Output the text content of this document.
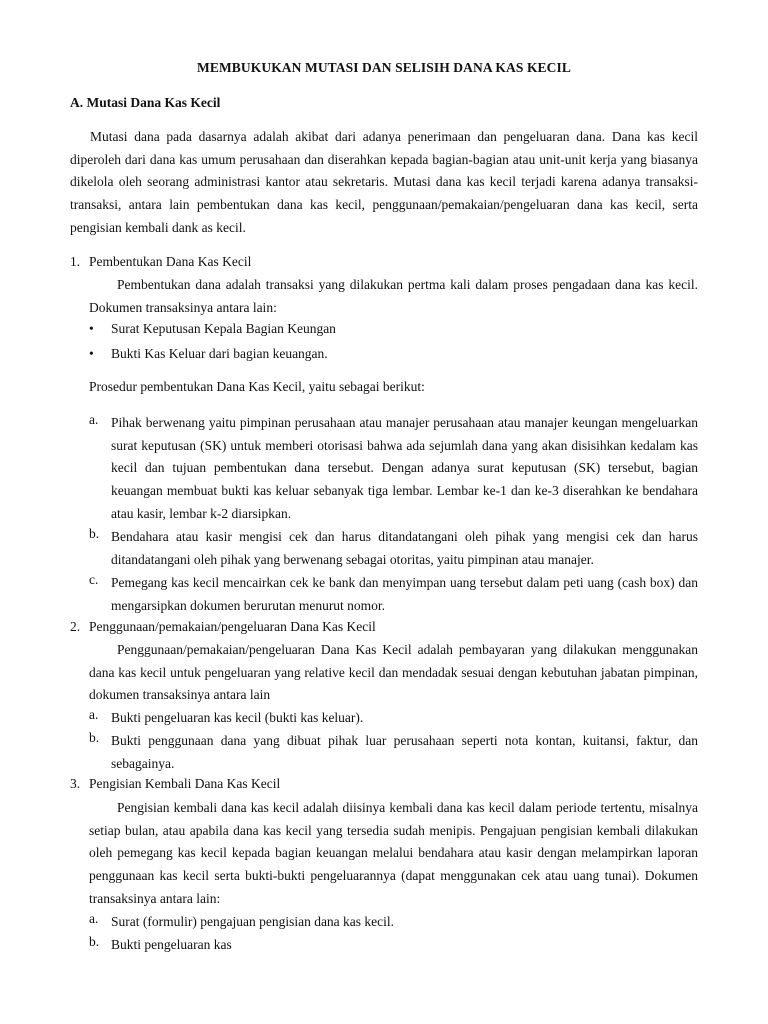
MEMBUKUKAN MUTASI DAN SELISIH DANA KAS KECIL
A. Mutasi Dana Kas Kecil

Mutasi dana pada dasarnya adalah akibat dari adanya penerimaan dan pengeluaran dana. Dana kas kecil diperoleh dari dana kas umum perusahaan dan diserahkan kepada bagian-bagian atau unit-unit kerja yang biasanya dikelola oleh seorang administrasi kantor atau sekretaris. Mutasi dana kas kecil terjadi karena adanya transaksi-transaksi, antara lain pembentukan dana kas kecil, penggunaan/pemakaian/pengeluaran dana kas kecil, serta pengisian kembali dank as kecil.

1. Pembentukan Dana Kas Kecil

Pembentukan dana adalah transaksi yang dilakukan pertma kali dalam proses pengadaan dana kas kecil. Dokumen transaksinya antara lain:

• Surat Keputusan Kepala Bagian Keungan
• Bukti Kas Keluar dari bagian keuangan.
Prosedur pembentukan Dana Kas Kecil, yaitu sebagai berikut:
a. Pihak berwenang yaitu pimpinan perusahaan atau manajer perusahaan atau manajer keungan mengeluarkan surat keputusan (SK) untuk memberi otorisasi bahwa ada sejumlah dana yang akan disisihkan kedalam kas kecil dan tujuan pembentukan dana tersebut. Dengan adanya surat keputusan (SK) tersebut, bagian keuangan membuat bukti kas keluar sebanyak tiga lembar. Lembar ke-1 dan ke-3 diserahkan ke bendahara atau kasir, lembar k-2 diarsipkan.

b. Bendahara atau kasir mengisi cek dan harus ditandatangani oleh pihak yang mengisi cek dan harus ditandatangani oleh pihak yang berwenang sebagai otoritas, yaitu pimpinan atau manajer.

c. Pemegang kas kecil mencairkan cek ke bank dan menyimpan uang tersebut dalam peti uang (cash box) dan mengarsipkan dokumen berurutan menurut nomor.

2. Penggunaan/pemakaian/pengeluaran Dana Kas Kecil

Penggunaan/pemakaian/pengeluaran Dana Kas Kecil adalah pembayaran yang dilakukan menggunakan dana kas kecil untuk pengeluaran yang relative kecil dan mendadak sesuai dengan kebutuhan jabatan pimpinan, dokumen transaksinya antara lain

a. Bukti pengeluaran kas kecil (bukti kas keluar).

b. Bukti penggunaan dana yang dibuat pihak luar perusahaan seperti nota kontan, kuitansi, faktur, dan sebagainya.

3. Pengisian Kembali Dana Kas Kecil

Pengisian kembali dana kas kecil adalah diisinya kembali dana kas kecil dalam periode tertentu, misalnya setiap bulan, atau apabila dana kas kecil yang tersedia sudah menipis. Pengajuan pengisian kembali dilakukan oleh pemegang kas kecil kepada bagian keuangan melalui bendahara atau kasir dengan melampirkan laporan penggunaan kas kecil serta bukti-bukti pengeluarannya (dapat menggunakan cek atau uang tunai). Dokumen transaksinya antara lain:

a. Surat (formulir) pengajuan pengisian dana kas kecil.

b. Bukti pengeluaran kas
